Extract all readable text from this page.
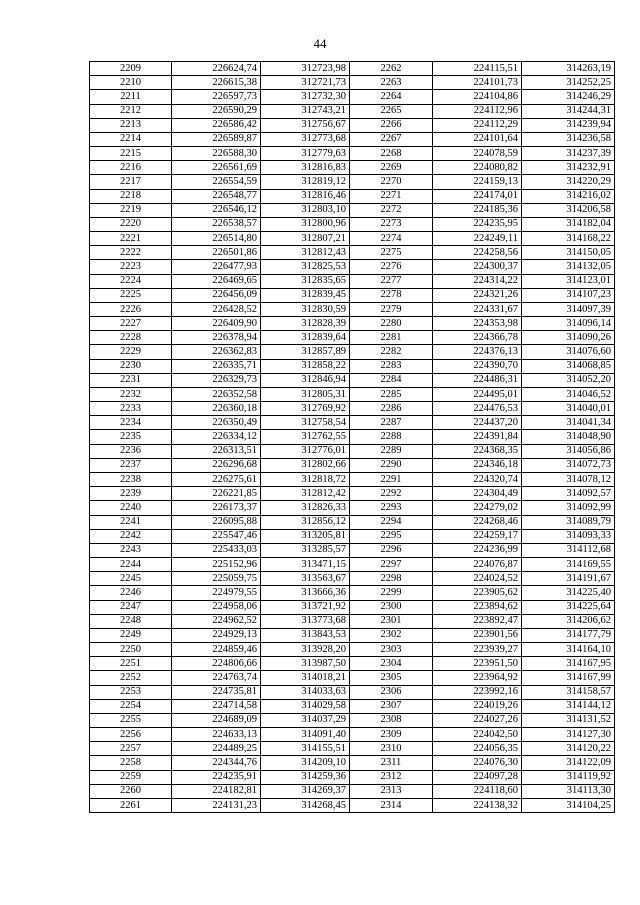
44
2209	226624,74	312723,98	2262	224115,51	314263,19
2210	226615,38	312721,73	2263	224101,73	314252,25
2211	226597,73	312732,30	2264	224104,86	314246,29
2212	226590,29	312743,21	2265	224112,96	314244,31
2213	226586,42	312756,67	2266	224112,29	314239,94
2214	226589,87	312773,68	2267	224101,64	314236,58
2215	226588,30	312779,63	2268	224078,59	314237,39
2216	226561,69	312816,83	2269	224080,82	314232,91
2217	226554,59	312819,12	2270	224159,13	314220,29
2218	226548,77	312816,46	2271	224174,01	314216,02
2219	226546,12	312803,10	2272	224185,36	314206,58
2220	226538,57	312800,96	2273	224235,95	314182,04
2221	226514,80	312807,21	2274	224249,11	314168,22
2222	226501,86	312812,43	2275	224258,56	314150,05
2223	226477,93	312825,53	2276	224300,37	314132,05
2224	226469,65	312835,65	2277	224314,22	314123,01
2225	226456,09	312839,45	2278	224321,26	314107,23
2226	226428,52	312830,59	2279	224331,67	314097,39
2227	226409,90	312828,39	2280	224353,98	314096,14
2228	226378,94	312839,64	2281	224366,78	314090,26
2229	226362,83	312857,89	2282	224376,13	314076,60
2230	226335,71	312858,22	2283	224390,70	314068,85
2231	226329,73	312846,94	2284	224486,31	314052,20
2232	226352,58	312805,31	2285	224495,01	314046,52
2233	226360,18	312769,92	2286	224476,53	314040,01
2234	226350,49	312758,54	2287	224437,20	314041,34
2235	226334,12	312762,55	2288	224391,84	314048,90
2236	226313,51	312776,01	2289	224368,35	314056,86
2237	226296,68	312802,66	2290	224346,18	314072,73
2238	226275,61	312818,72	2291	224320,74	314078,12
2239	226221,85	312812,42	2292	224304,49	314092,57
2240	226173,37	312826,33	2293	224279,02	314092,99
2241	226095,88	312856,12	2294	224268,46	314089,79
2242	225547,46	313205,81	2295	224259,17	314093,33
2243	225433,03	313285,57	2296	224236,99	314112,68
2244	225152,96	313471,15	2297	224076,87	314169,55
2245	225059,75	313563,67	2298	224024,52	314191,67
2246	224979,55	313666,36	2299	223905,62	314225,40
2247	224958,06	313721,92	2300	223894,62	314225,64
2248	224962,52	313773,68	2301	223892,47	314206,62
2249	224929,13	313843,53	2302	223901,56	314177,79
2250	224859,46	313928,20	2303	223939,27	314164,10
2251	224806,66	313987,50	2304	223951,50	314167,95
2252	224763,74	314018,21	2305	223964,92	314167,99
2253	224735,81	314033,63	2306	223992,16	314158,57
2254	224714,58	314029,58	2307	224019,26	314144,12
2255	224689,09	314037,29	2308	224027,26	314131,52
2256	224633,13	314091,40	2309	224042,50	314127,30
2257	224489,25	314155,51	2310	224056,35	314120,22
2258	224344,76	314209,10	2311	224076,30	314122,09
2259	224235,91	314259,36	2312	224097,28	314119,92
2260	224182,81	314269,37	2313	224118,60	314113,30
2261	224131,23	314268,45	2314	224138,32	314104,25
